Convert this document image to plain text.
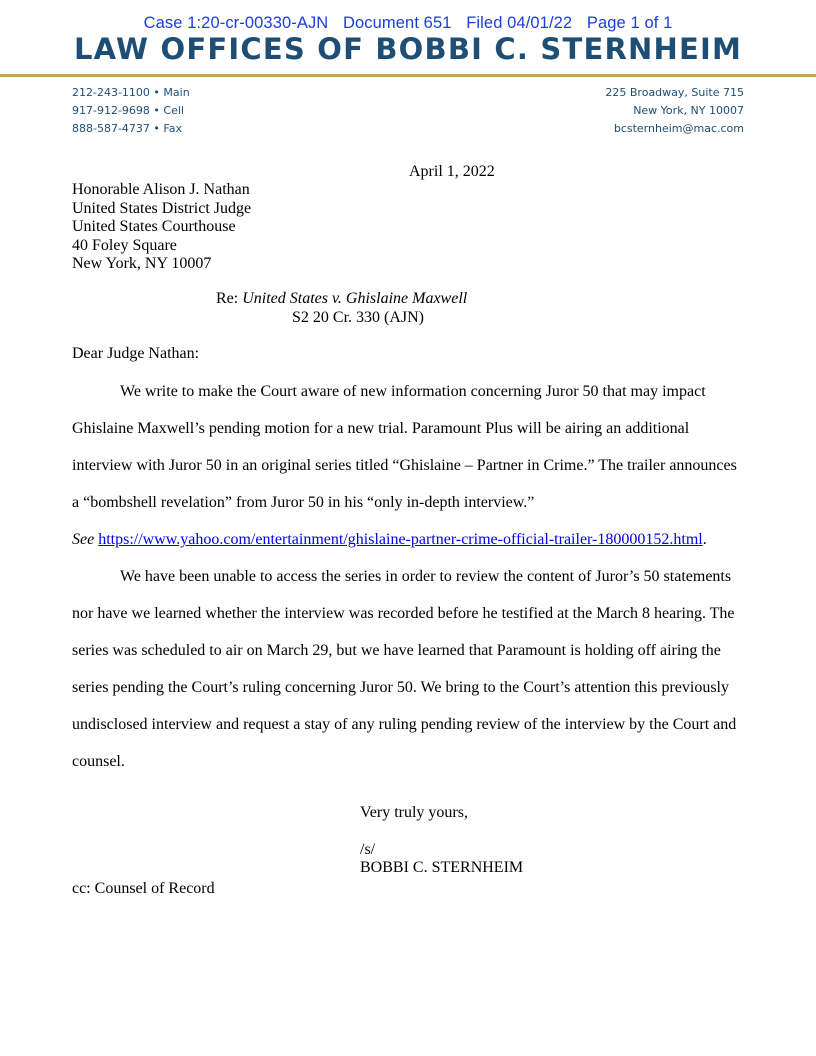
Case 1:20-cr-00330-AJN Document 651 Filed 04/01/22 Page 1 of 1
LAW OFFICES OF BOBBI C. STERNHEIM
212-243-1100 • Main
917-912-9698 • Cell
888-587-4737 • Fax
225 Broadway, Suite 715
New York, NY 10007
bcsternheim@mac.com
April 1, 2022
Honorable Alison J. Nathan
United States District Judge
United States Courthouse
40 Foley Square
New York, NY 10007
Re: United States v. Ghislaine Maxwell
S2 20 Cr. 330 (AJN)
Dear Judge Nathan:

We write to make the Court aware of new information concerning Juror 50 that may impact

Ghislaine Maxwell’s pending motion for a new trial. Paramount Plus will be airing an additional

interview with Juror 50 in an original series titled “Ghislaine – Partner in Crime.” The trailer announces

a “bombshell revelation” from Juror 50 in his “only in-depth interview.”

See https://www.yahoo.com/entertainment/ghislaine-partner-crime-official-trailer-180000152.html.

We have been unable to access the series in order to review the content of Juror’s 50 statements

nor have we learned whether the interview was recorded before he testified at the March 8 hearing. The

series was scheduled to air on March 29, but we have learned that Paramount is holding off airing the

series pending the Court’s ruling concerning Juror 50. We bring to the Court’s attention this previously

undisclosed interview and request a stay of any ruling pending review of the interview by the Court and

counsel.

Very truly yours,
/s/
BOBBI C. STERNHEIM
cc: Counsel of Record
